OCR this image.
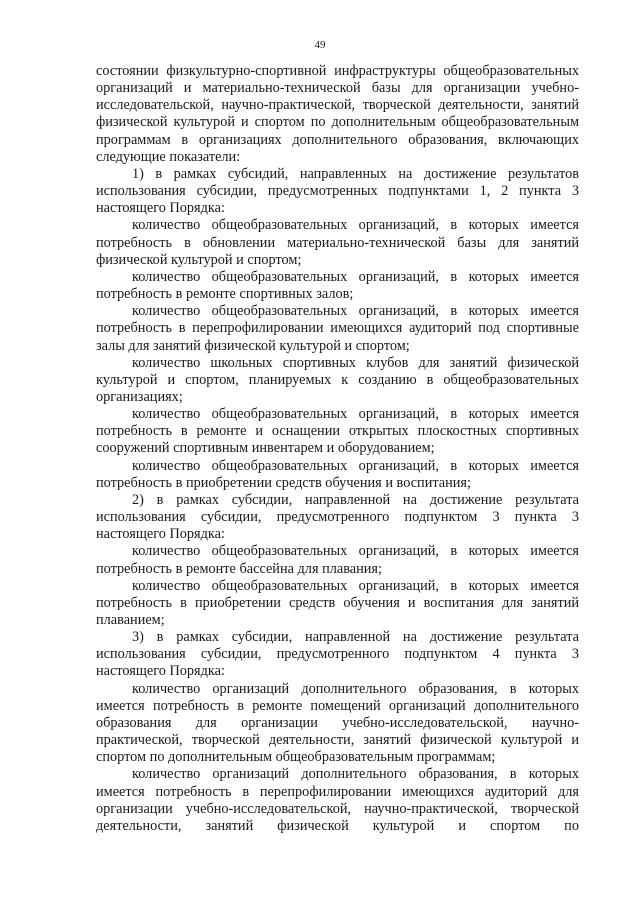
49

состоянии физкультурно-спортивной инфраструктуры общеобразовательных организаций и материально-технической базы для организации учебно-исследовательской, научно-практической, творческой деятельности, занятий физической культурой и спортом по дополнительным общеобразовательным программам в организациях дополнительного образования, включающих следующие показатели:

1) в рамках субсидий, направленных на достижение результатов использования субсидии, предусмотренных подпунктами 1, 2 пункта 3 настоящего Порядка:

количество общеобразовательных организаций, в которых имеется потребность в обновлении материально-технической базы для занятий физической культурой и спортом;

количество общеобразовательных организаций, в которых имеется потребность в ремонте спортивных залов;

количество общеобразовательных организаций, в которых имеется потребность в перепрофилировании имеющихся аудиторий под спортивные залы для занятий физической культурой и спортом;

количество школьных спортивных клубов для занятий физической культурой и спортом, планируемых к созданию в общеобразовательных организациях;

количество общеобразовательных организаций, в которых имеется потребность в ремонте и оснащении открытых плоскостных спортивных сооружений спортивным инвентарем и оборудованием;

количество общеобразовательных организаций, в которых имеется потребность в приобретении средств обучения и воспитания;

2) в рамках субсидии, направленной на достижение результата использования субсидии, предусмотренного подпунктом 3 пункта 3 настоящего Порядка:

количество общеобразовательных организаций, в которых имеется потребность в ремонте бассейна для плавания;

количество общеобразовательных организаций, в которых имеется потребность в приобретении средств обучения и воспитания для занятий плаванием;

3) в рамках субсидии, направленной на достижение результата использования субсидии, предусмотренного подпунктом 4 пункта 3 настоящего Порядка:

количество организаций дополнительного образования, в которых имеется потребность в ремонте помещений организаций дополнительного образования для организации учебно-исследовательской, научно-практической, творческой деятельности, занятий физической культурой и спортом по дополнительным общеобразовательным программам;

количество организаций дополнительного образования, в которых имеется потребность в перепрофилировании имеющихся аудиторий для организации учебно-исследовательской, научно-практической, творческой деятельности, занятий физической культурой и спортом по
